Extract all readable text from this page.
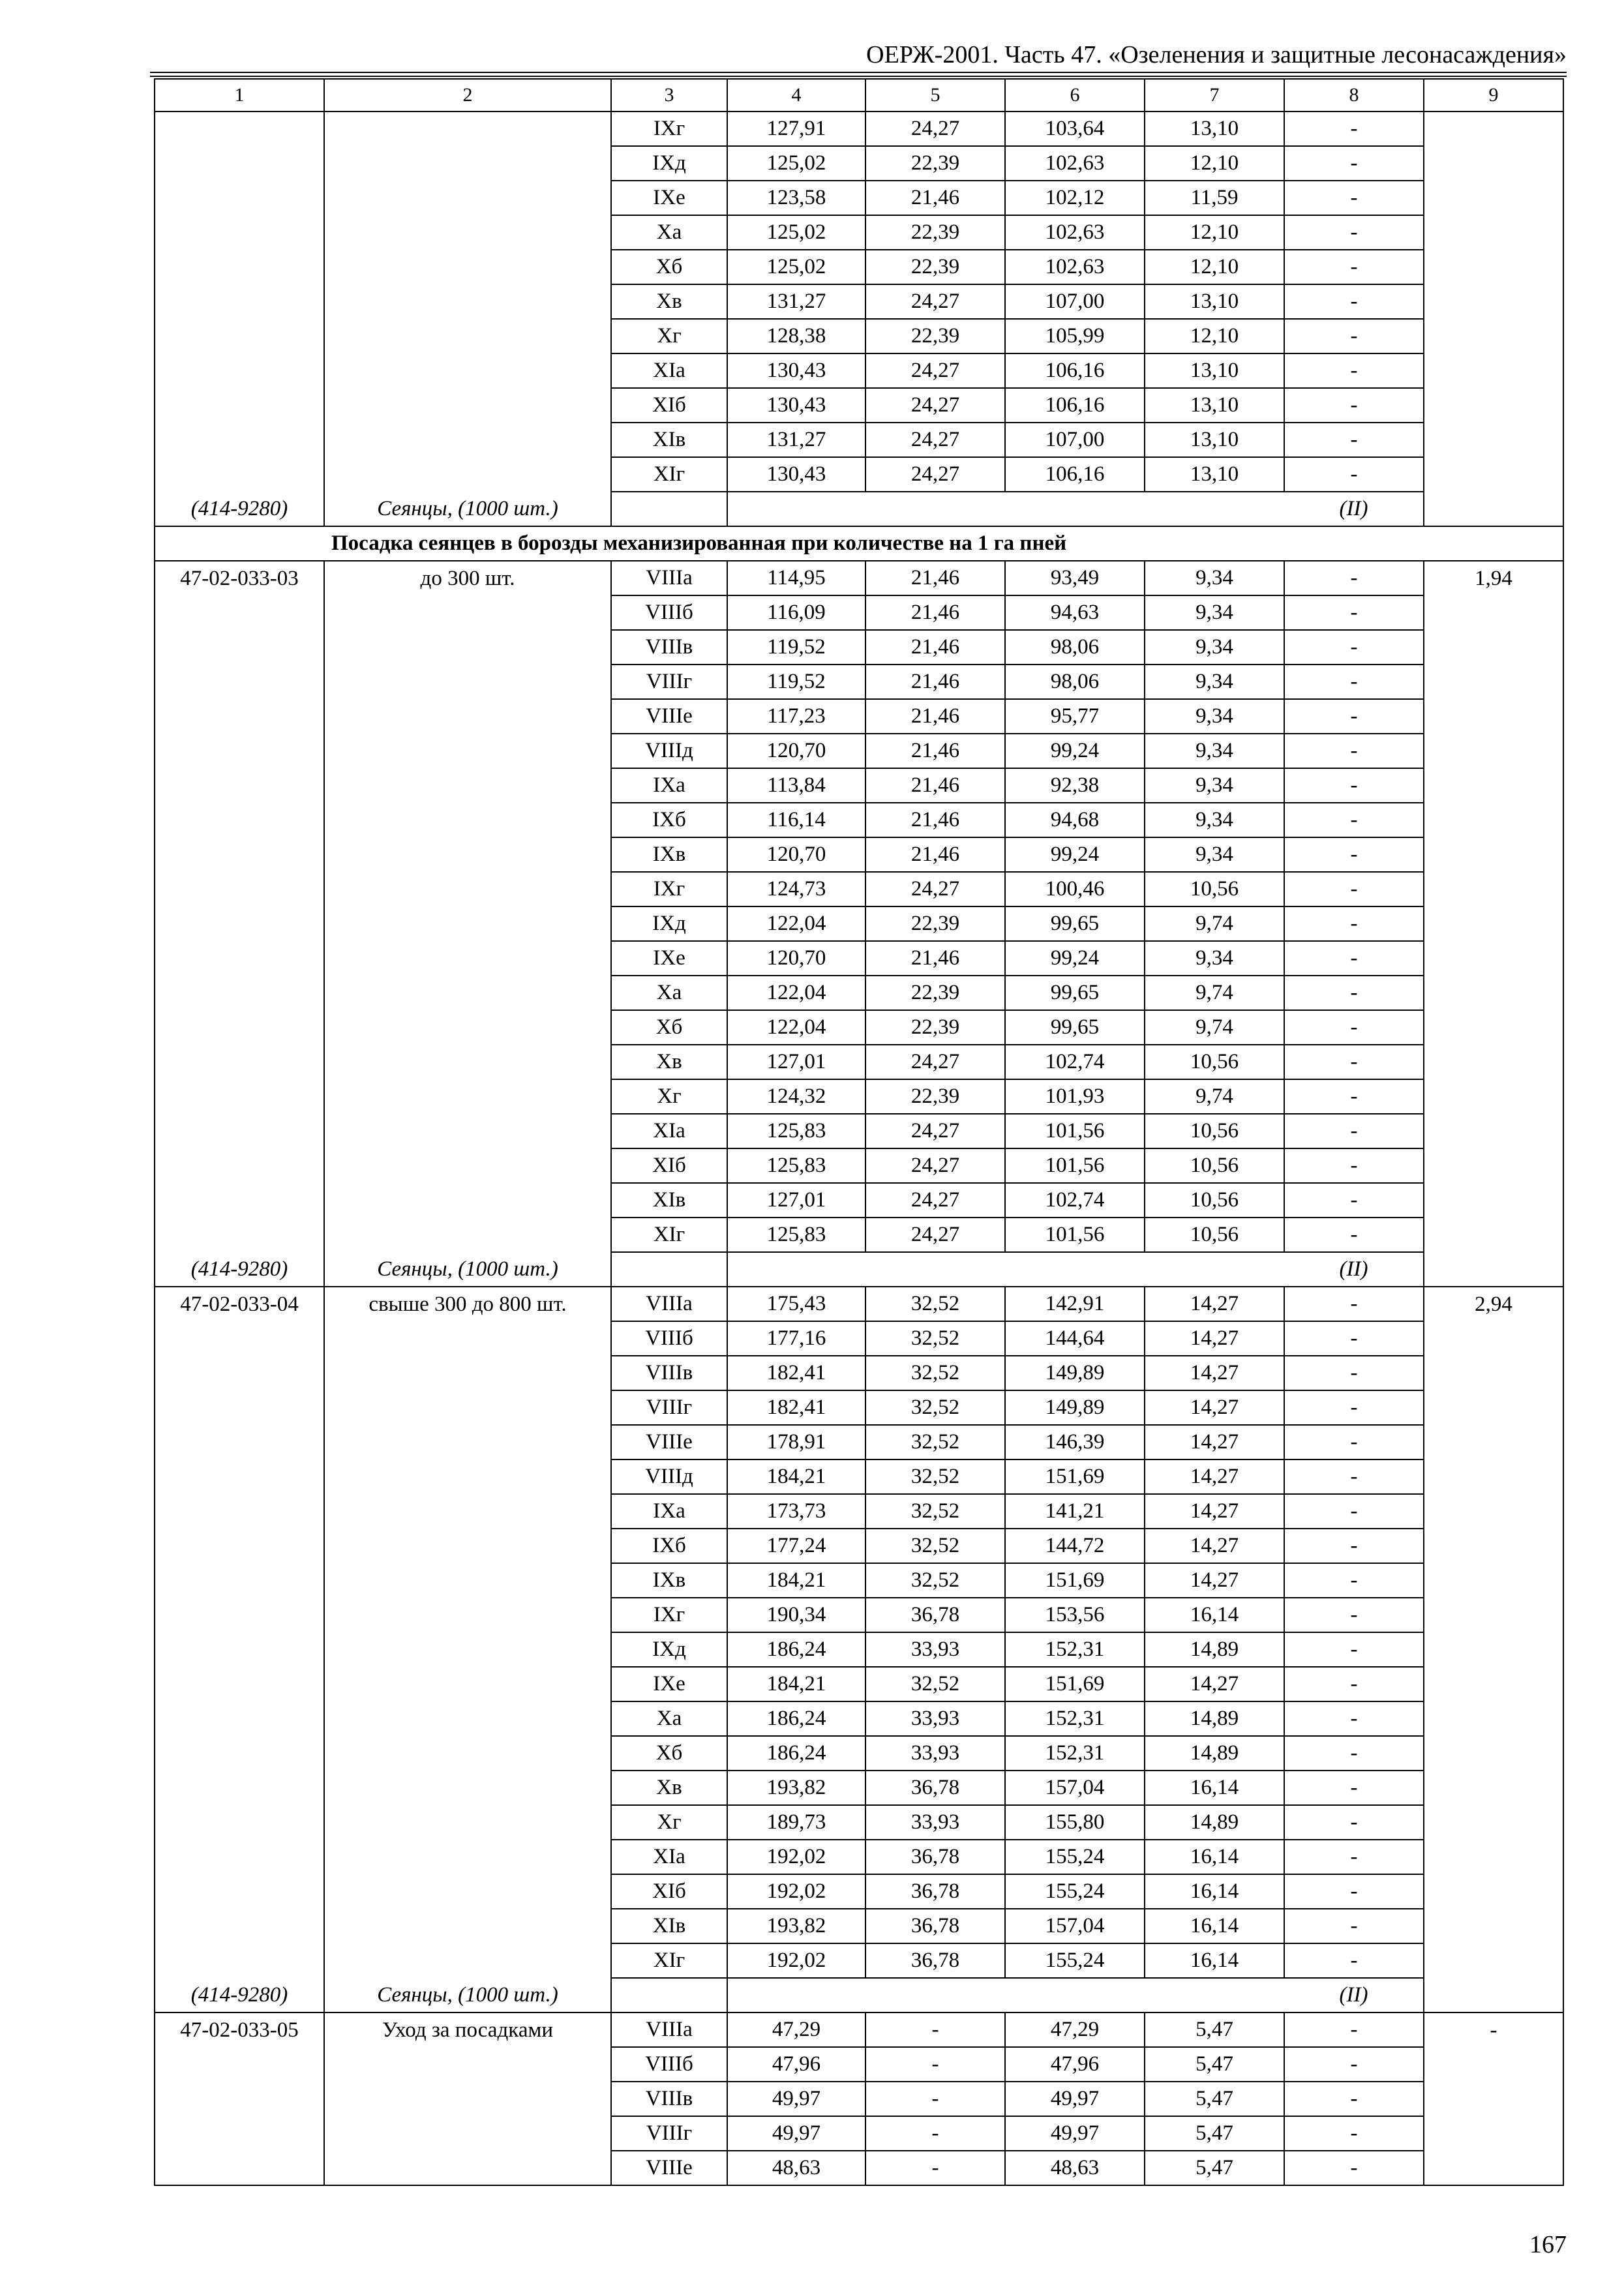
ОЕРЖ-2001. Часть 47. «Озеленения и защитные лесонасаждения»
1	2	3	4	5	6	7	8	9
		IXг	127,91	24,27	103,64	13,10	-	
		IXд	125,02	22,39	102,63	12,10	-	
		IXе	123,58	21,46	102,12	11,59	-	
		Xа	125,02	22,39	102,63	12,10	-	
		Xб	125,02	22,39	102,63	12,10	-	
		Xв	131,27	24,27	107,00	13,10	-	
		Xг	128,38	22,39	105,99	12,10	-	
		XIа	130,43	24,27	106,16	13,10	-	
		XIб	130,43	24,27	106,16	13,10	-	
		XIв	131,27	24,27	107,00	13,10	-	
		XIг	130,43	24,27	106,16	13,10	-	
(414-9280)	Сеянцы, (1000 шт.)						(II)	
Посадка сеянцев в борозды механизированная при количестве на 1 га пней								
47-02-033-03	до 300 шт.	VIIIа	114,95	21,46	93,49	9,34	-	1,94
		VIIIб	116,09	21,46	94,63	9,34	-	
		VIIIв	119,52	21,46	98,06	9,34	-	
		VIIIг	119,52	21,46	98,06	9,34	-	
		VIIIе	117,23	21,46	95,77	9,34	-	
		VIIIд	120,70	21,46	99,24	9,34	-	
		IXа	113,84	21,46	92,38	9,34	-	
		IXб	116,14	21,46	94,68	9,34	-	
		IXв	120,70	21,46	99,24	9,34	-	
		IXг	124,73	24,27	100,46	10,56	-	
		IXд	122,04	22,39	99,65	9,74	-	
		IXе	120,70	21,46	99,24	9,34	-	
		Xа	122,04	22,39	99,65	9,74	-	
		Xб	122,04	22,39	99,65	9,74	-	
		Xв	127,01	24,27	102,74	10,56	-	
		Xг	124,32	22,39	101,93	9,74	-	
		XIа	125,83	24,27	101,56	10,56	-	
		XIб	125,83	24,27	101,56	10,56	-	
		XIв	127,01	24,27	102,74	10,56	-	
		XIг	125,83	24,27	101,56	10,56	-	
(414-9280)	Сеянцы, (1000 шт.)						(II)	
47-02-033-04	свыше 300 до 800 шт.	VIIIа	175,43	32,52	142,91	14,27	-	2,94
		VIIIб	177,16	32,52	144,64	14,27	-	
		VIIIв	182,41	32,52	149,89	14,27	-	
		VIIIг	182,41	32,52	149,89	14,27	-	
		VIIIе	178,91	32,52	146,39	14,27	-	
		VIIIд	184,21	32,52	151,69	14,27	-	
		IXа	173,73	32,52	141,21	14,27	-	
		IXб	177,24	32,52	144,72	14,27	-	
		IXв	184,21	32,52	151,69	14,27	-	
		IXг	190,34	36,78	153,56	16,14	-	
		IXд	186,24	33,93	152,31	14,89	-	
		IXе	184,21	32,52	151,69	14,27	-	
		Xа	186,24	33,93	152,31	14,89	-	
		Xб	186,24	33,93	152,31	14,89	-	
		Xв	193,82	36,78	157,04	16,14	-	
		Xг	189,73	33,93	155,80	14,89	-	
		XIа	192,02	36,78	155,24	16,14	-	
		XIб	192,02	36,78	155,24	16,14	-	
		XIв	193,82	36,78	157,04	16,14	-	
		XIг	192,02	36,78	155,24	16,14	-	
(414-9280)	Сеянцы, (1000 шт.)						(II)	
47-02-033-05	Уход за посадками	VIIIа	47,29	-	47,29	5,47	-	-
		VIIIб	47,96	-	47,96	5,47	-	
		VIIIв	49,97	-	49,97	5,47	-	
		VIIIг	49,97	-	49,97	5,47	-	
		VIIIе	48,63	-	48,63	5,47	-	
167
